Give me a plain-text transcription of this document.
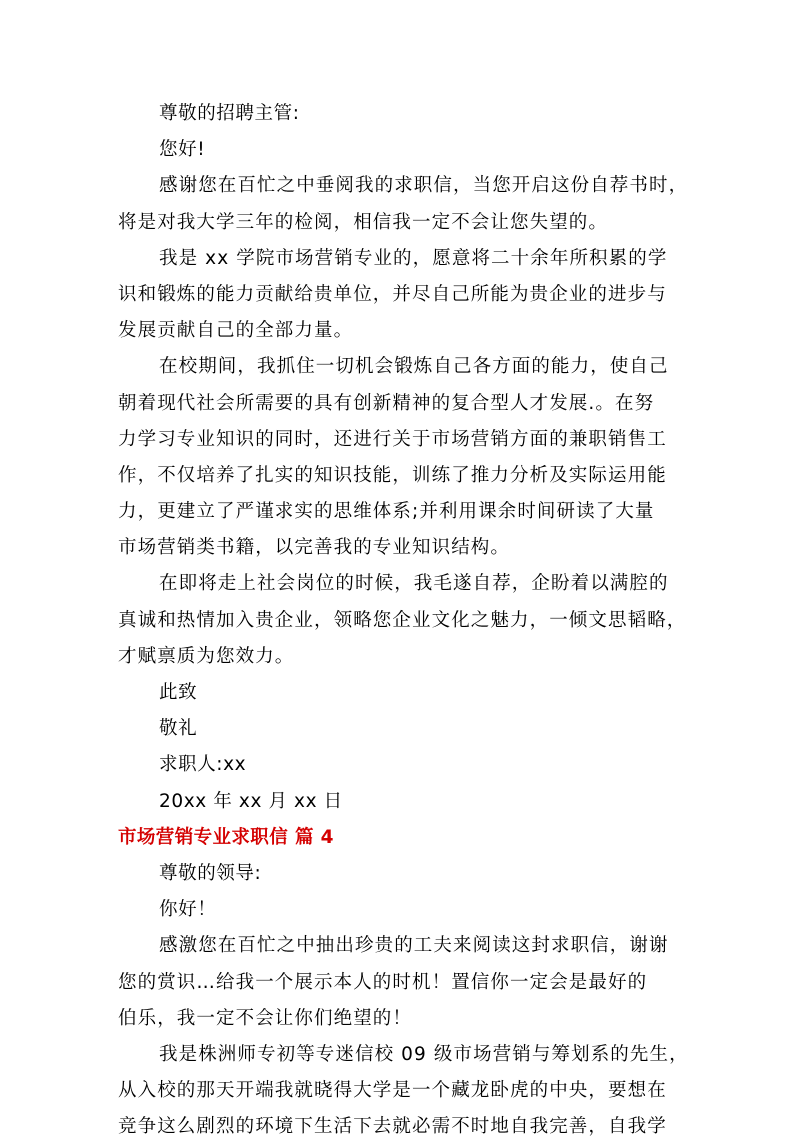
尊敬的招聘主管:
您好!
感谢您在百忙之中垂阅我的求职信，当您开启这份自荐书时，
将是对我大学三年的检阅，相信我一定不会让您失望的。
我是 xx 学院市场营销专业的，愿意将二十余年所积累的学
识和锻炼的能力贡献给贵单位，并尽自己所能为贵企业的进步与
发展贡献自己的全部力量。
在校期间，我抓住一切机会锻炼自己各方面的能力，使自己
朝着现代社会所需要的具有创新精神的复合型人才发展.。在努
力学习专业知识的同时，还进行关于市场营销方面的兼职销售工
作，不仅培养了扎实的知识技能，训练了推力分析及实际运用能
力，更建立了严谨求实的思维体系;并利用课余时间研读了大量
市场营销类书籍，以完善我的专业知识结构。
在即将走上社会岗位的时候，我毛遂自荐，企盼着以满腔的
真诚和热情加入贵企业，领略您企业文化之魅力，一倾文思韬略，
才赋禀质为您效力。
此致
敬礼
求职人:xx
20xx 年 xx 月 xx 日
市场营销专业求职信 篇 4
尊敬的领导:
你好！
感激您在百忙之中抽出珍贵的工夫来阅读这封求职信，谢谢
您的赏识…给我一个展示本人的时机！置信你一定会是最好的
伯乐，我一定不会让你们绝望的！
我是株洲师专初等专迷信校 09 级市场营销与筹划系的先生，
从入校的那天开端我就晓得大学是一个藏龙卧虎的中央，要想在
竞争这么剧烈的环境下生活下去就必需不时地自我完善，自我学
